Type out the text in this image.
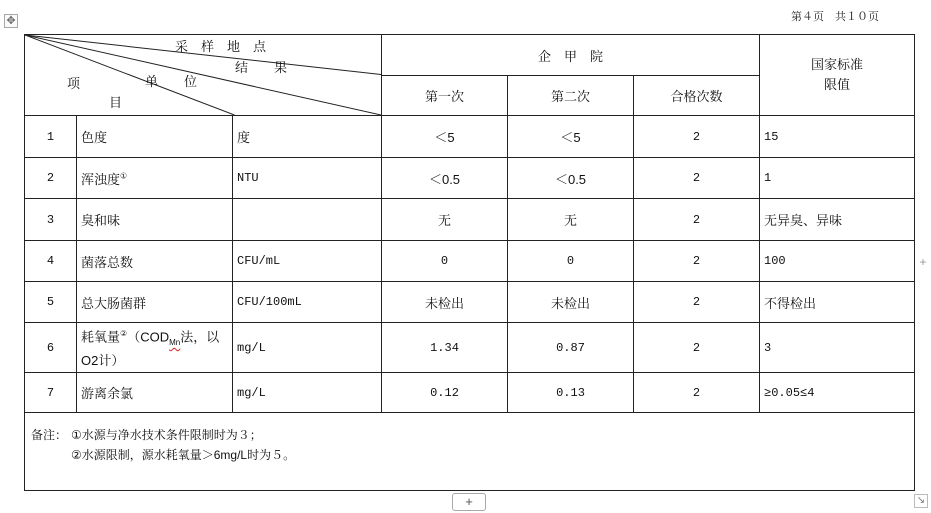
第４页　共１０页
✥
采　样　地　点
结　　果
单　　位
项
目			企　甲　院			国家标准
限值
			第一次	第二次	合格次数	
1	色度	度	＜5	＜5	2	15
2	浑浊度①	NTU	＜0.5	＜0.5	2	1
3	臭和味		无	无	2	无异臭、异味
4	菌落总数	CFU/mL	0	0	2	100
5	总大肠菌群	CFU/100mL	未检出	未检出	2	不得检出
6	耗氧量$^②(COD_{Mn}$法，以O2计）	mg/L	1.34	0.87	2	3
7	游离余氯	mg/L	0.12	0.13	2	≥0.05≤4

备注： ①水源与净水技术条件限制时为３；
②水源限制，源水耗氧量＞6mg/L时为５。						
+
+	↘
